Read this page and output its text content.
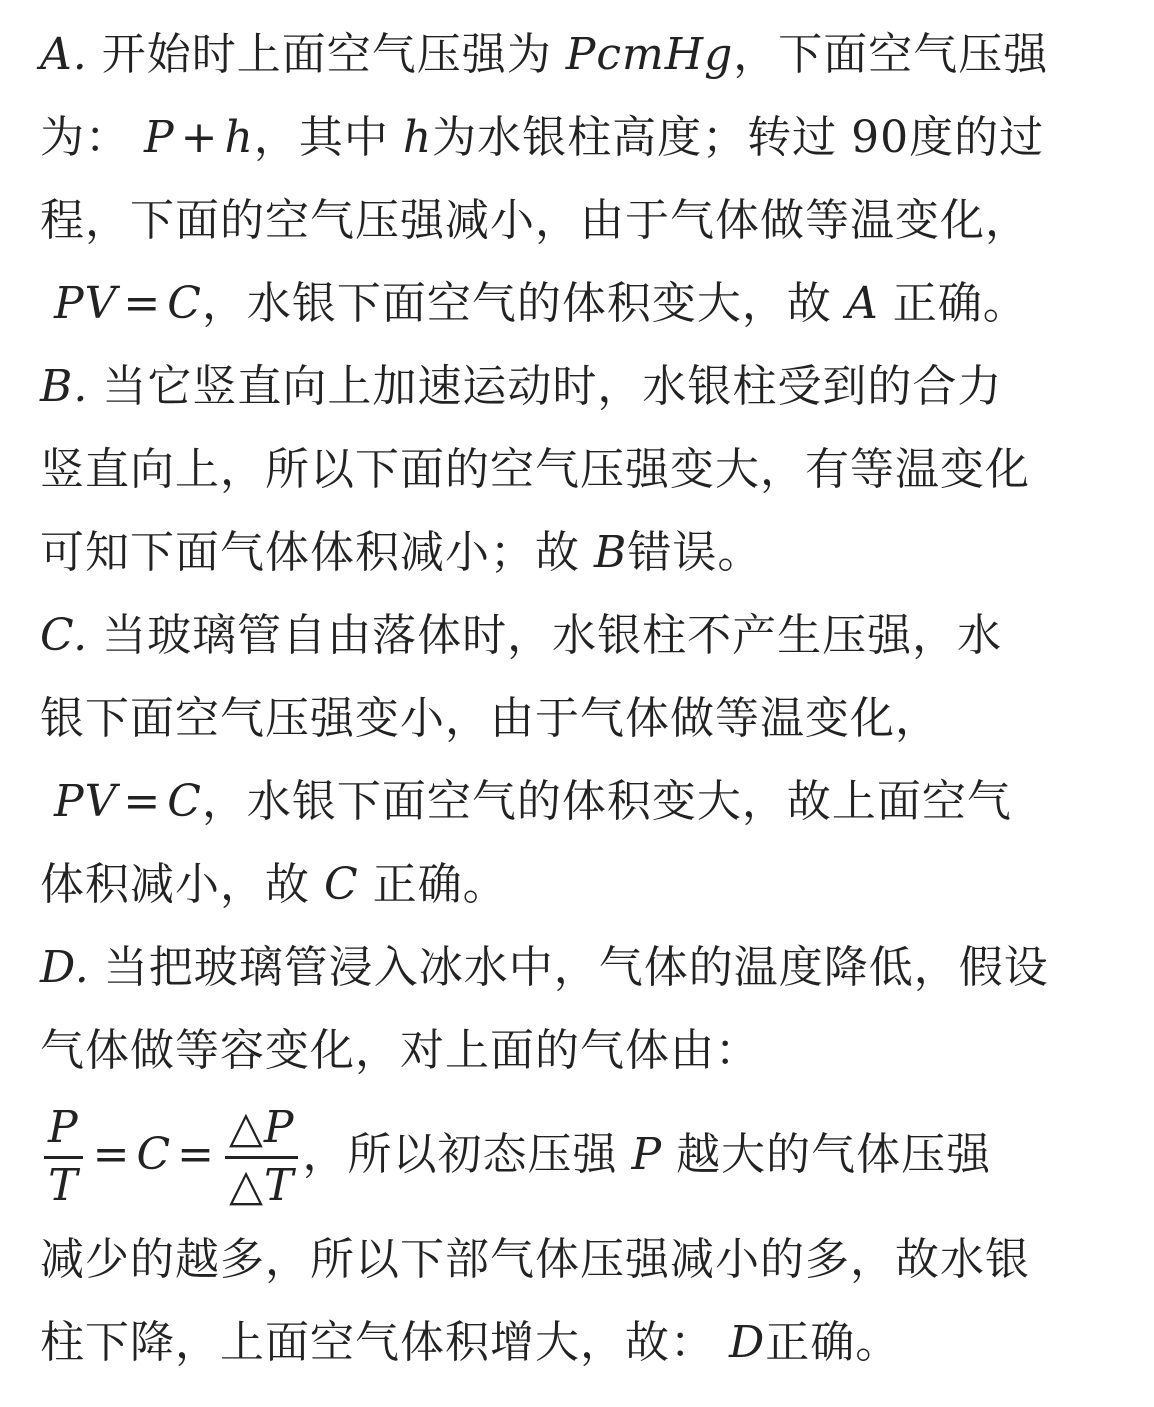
A. 开始时上面空气压强为 PcmHg，下面空气压强
为： P + h，其中 h为水银柱高度；转过 90度的过
程，下面的空气压强减小，由于气体做等温变化，
PV = C，水银下面空气的体积变大，故 A 正确。
B. 当它竖直向上加速运动时，水银柱受到的合力
竖直向上，所以下面的空气压强变大，有等温变化
可知下面气体体积减小；故 B错误。
C. 当玻璃管自由落体时，水银柱不产生压强，水
银下面空气压强变小，由于气体做等温变化，
PV = C，水银下面空气的体积变大，故上面空气
体积减小，故 C 正确。
D. 当把玻璃管浸入冰水中，气体的温度降低，假设
气体做等容变化，对上面的气体由：
$\frac{P}{T} = C = \frac{\triangle P}{\triangle T}$ ，所以初态压强 P 越大的气体压强
减少的越多，所以下部气体压强减小的多，故水银
柱下降，上面空气体积增大，故： D正确。
